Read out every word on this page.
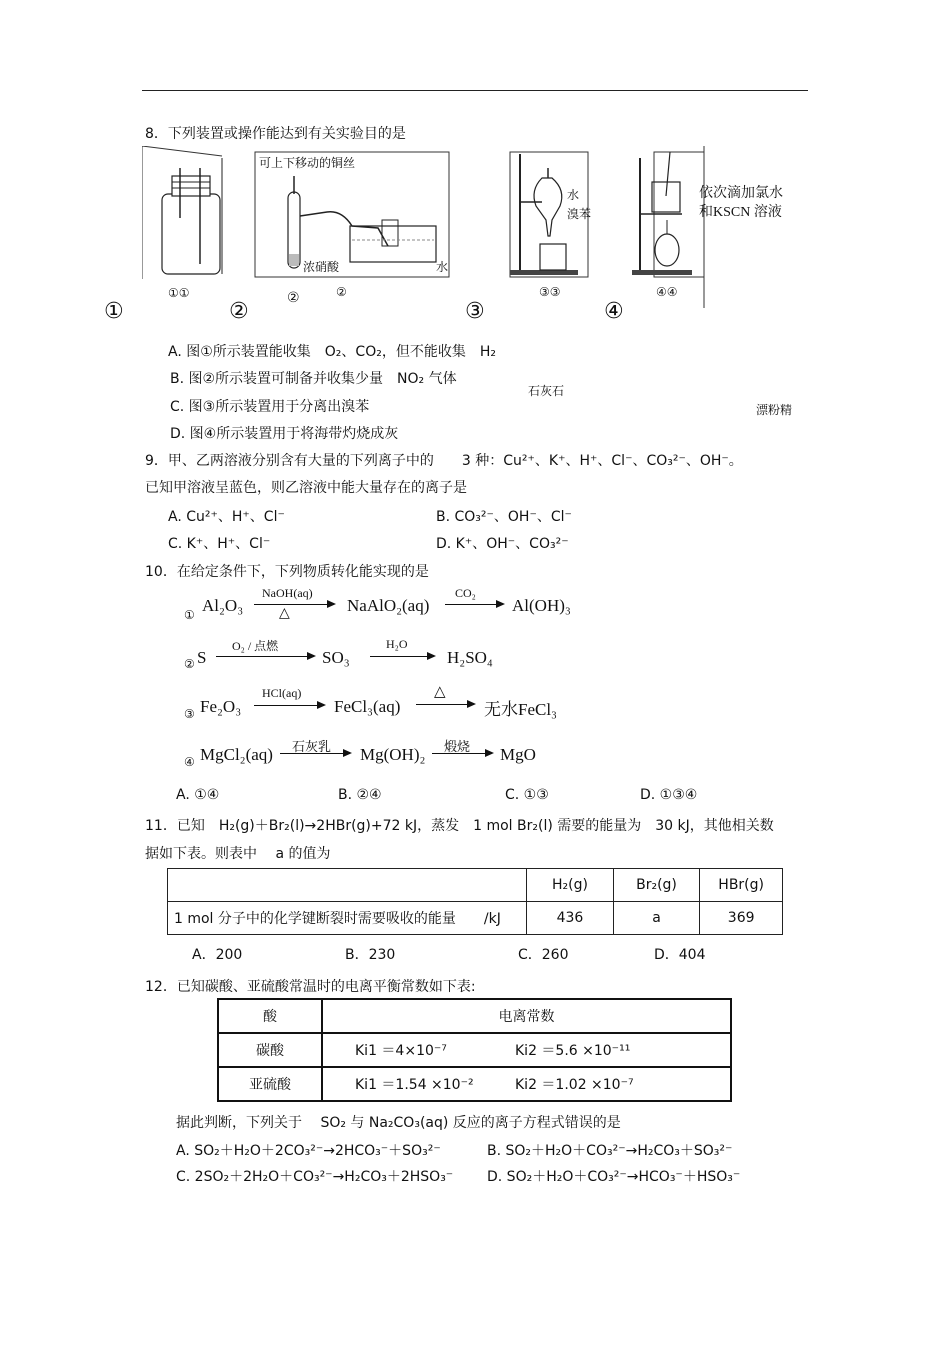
8．下列装置或操作能达到有关实验目的是
可上下移动的铜丝
浓硝酸	水
水
溴苯
依次滴加氯水
和KSCN 溶液
①①	②	②	③③	④④
①	②	③	④
A. 图①所示装置能收集　O₂、CO₂，但不能收集　H₂
B. 图②所示装置可制备并收集少量　NO₂ 气体
石灰石
C. 图③所示装置用于分离出溴苯	漂粉精
D. 图④所示装置用于将海带灼烧成灰
9．甲、乙两溶液分别含有大量的下列离子中的　　3 种：Cu²⁺、K⁺、H⁺、Cl⁻、CO₃²⁻、OH⁻。
已知甲溶液呈蓝色，则乙溶液中能大量存在的离子是
A. Cu²⁺、H⁺、Cl⁻	B. CO₃²⁻、OH⁻、Cl⁻
C. K⁺、H⁺、Cl⁻	D. K⁺、OH⁻、CO₃²⁻
10．在给定条件下，下列物质转化能实现的是
① Al₂O₃
NaOH(aq)
△	NaAlO₂(aq)
CO₂
Al(OH)₃
② S
O₂ / 点燃
SO₃
H₂O
H₂SO₄
③ Fe₂O₃
HCl(aq)
FeCl₃(aq)
△
无水FeCl₃
④ MgCl₂(aq) 石灰乳 Mg(OH)₂ 煅烧 MgO
A. ①④	B. ②④	C. ①③	D. ①③④
11．已知　H₂(g)＋Br₂(l)→2HBr(g)+72 kJ，蒸发　1 mol Br₂(l) 需要的能量为　30 kJ，其他相关数
据如下表。则表中　 a 的值为
	H₂(g)	Br₂(g)	HBr(g)
1 mol 分子中的化学键断裂时需要吸收的能量　　/kJ	436	a	369
A．200	B．230	C．260	D．404
12．已知碳酸、亚硫酸常温时的电离平衡常数如下表:
酸	电离常数
碳酸	Ki1 ＝4×10⁻⁷ Ki2 ＝5.6 ×10⁻¹¹
亚硫酸	Ki1 ＝1.54 ×10⁻² Ki2 ＝1.02 ×10⁻⁷
据此判断，下列关于　 SO₂ 与 Na₂CO₃(aq) 反应的离子方程式错误的是
A. SO₂＋H₂O＋2CO₃²⁻→2HCO₃⁻＋SO₃²⁻	B. SO₂＋H₂O＋CO₃²⁻→H₂CO₃＋SO₃²⁻
C. 2SO₂＋2H₂O＋CO₃²⁻→H₂CO₃＋2HSO₃⁻ D. SO₂＋H₂O＋CO₃²⁻→HCO₃⁻＋HSO₃⁻
